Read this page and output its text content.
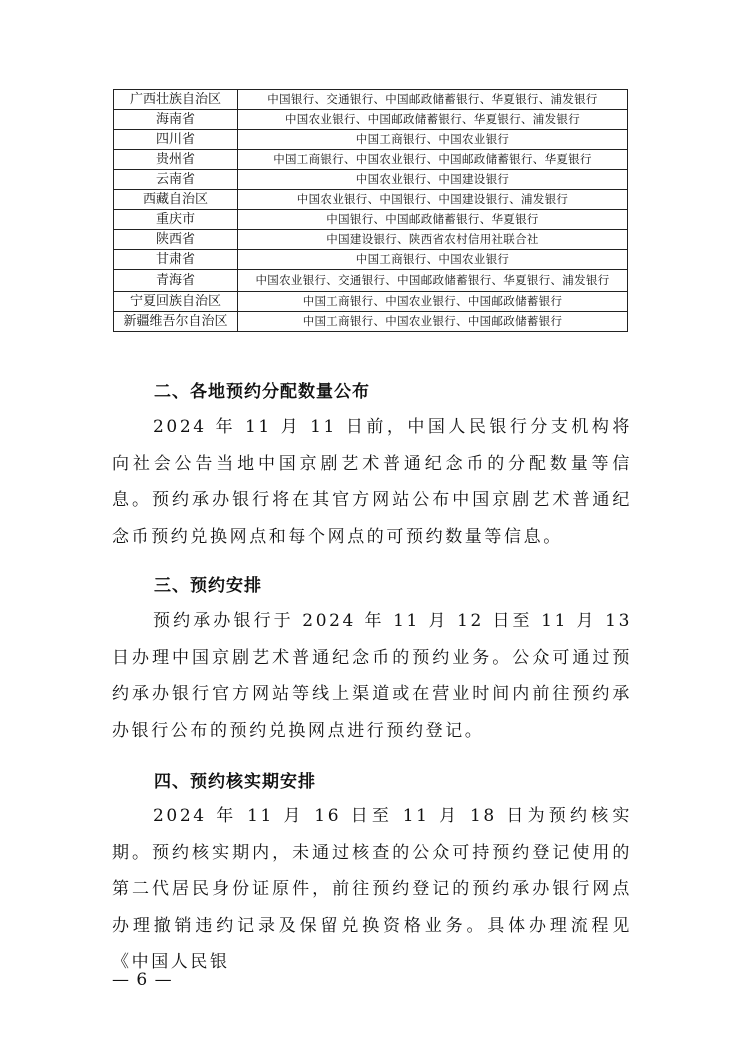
广西壮族自治区	中国银行、交通银行、中国邮政储蓄银行、华夏银行、浦发银行
海南省	中国农业银行、中国邮政储蓄银行、华夏银行、浦发银行
四川省	中国工商银行、中国农业银行
贵州省	中国工商银行、中国农业银行、中国邮政储蓄银行、华夏银行
云南省	中国农业银行、中国建设银行
西藏自治区	中国农业银行、中国银行、中国建设银行、浦发银行
重庆市	中国银行、中国邮政储蓄银行、华夏银行
陕西省	中国建设银行、陕西省农村信用社联合社
甘肃省	中国工商银行、中国农业银行
青海省	中国农业银行、交通银行、中国邮政储蓄银行、华夏银行、浦发银行

宁夏回族自治区	中国工商银行、中国农业银行、中国邮政储蓄银行
新疆维吾尔自治区	中国工商银行、中国农业银行、中国邮政储蓄银行
二、各地预约分配数量公布

2024 年 11 月 11 日前，中国人民银行分支机构将向社会公告当地中国京剧艺术普通纪念币的分配数量等信息。预约承办银行将在其官方网站公布中国京剧艺术普通纪念币预约兑换网点和每个网点的可预约数量等信息。

三、预约安排

预约承办银行于 2024 年 11 月 12 日至 11 月 13 日办理中国京剧艺术普通纪念币的预约业务。公众可通过预约承办银行官方网站等线上渠道或在营业时间内前往预约承办银行公布的预约兑换网点进行预约登记。

四、预约核实期安排

2024 年 11 月 16 日至 11 月 18 日为预约核实期。预约核实期内，未通过核查的公众可持预约登记使用的第二代居民身份证原件，前往预约登记的预约承办银行网点办理撤销违约记录及保留兑换资格业务。具体办理流程见《中国人民银

— 6 —
